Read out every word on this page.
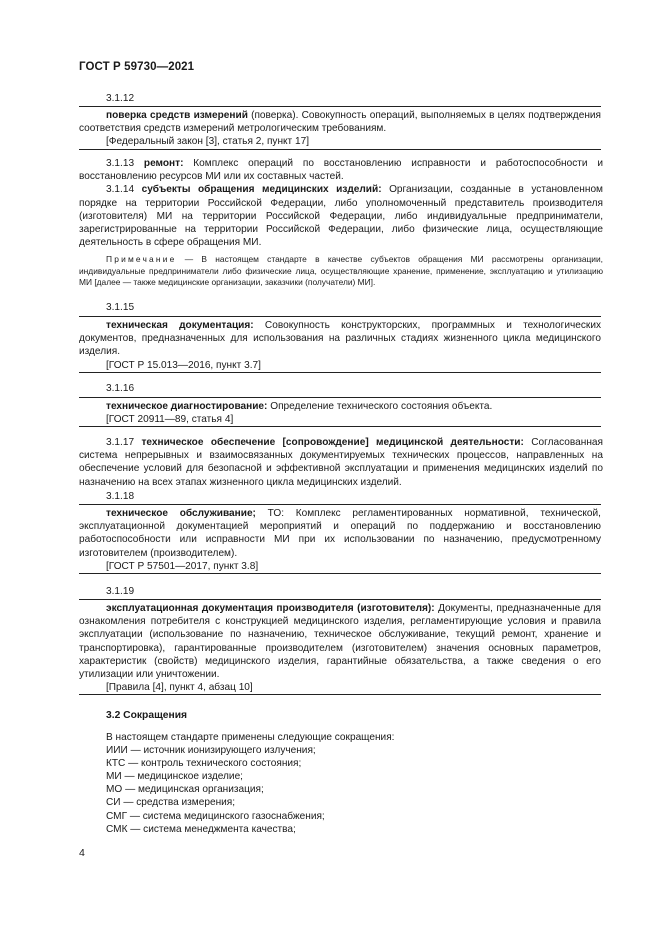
ГОСТ Р 59730—2021
3.1.12

поверка средств измерений (поверка). Совокупность операций, выполняемых в целях подтверждения соответствия средств измерений метрологическим требованиям.

[Федеральный закон [3], статья 2, пункт 17]

3.1.13 ремонт: Комплекс операций по восстановлению исправности и работоспособности и восстановлению ресурсов МИ или их составных частей.

3.1.14 субъекты обращения медицинских изделий: Организации, созданные в установленном порядке на территории Российской Федерации, либо уполномоченный представитель производителя (изготовителя) МИ на территории Российской Федерации, либо индивидуальные предприниматели, зарегистрированные на территории Российской Федерации, либо физические лица, осуществляющие деятельность в сфере обращения МИ.

Примечание — В настоящем стандарте в качестве субъектов обращения МИ рассмотрены организации, индивидуальные предприниматели либо физические лица, осуществляющие хранение, применение, эксплуатацию и утилизацию МИ [далее — также медицинские организации, заказчики (получатели) МИ].

3.1.15

техническая документация: Совокупность конструкторских, программных и технологических документов, предназначенных для использования на различных стадиях жизненного цикла медицинского изделия.

[ГОСТ Р 15.013—2016, пункт 3.7]

3.1.16

техническое диагностирование: Определение технического состояния объекта.

[ГОСТ 20911—89, статья 4]

3.1.17 техническое обеспечение [сопровождение] медицинской деятельности: Согласованная система непрерывных и взаимосвязанных документируемых технических процессов, направленных на обеспечение условий для безопасной и эффективной эксплуатации и применения медицинских изделий по назначению на всех этапах жизненного цикла медицинских изделий.

3.1.18

техническое обслуживание; ТО: Комплекс регламентированных нормативной, технической, эксплуатационной документацией мероприятий и операций по поддержанию и восстановлению работоспособности или исправности МИ при их использовании по назначению, предусмотренному изготовителем (производителем).

[ГОСТ Р 57501—2017, пункт 3.8]

3.1.19

эксплуатационная документация производителя (изготовителя): Документы, предназначенные для ознакомления потребителя с конструкцией медицинского изделия, регламентирующие условия и правила эксплуатации (использование по назначению, техническое обслуживание, текущий ремонт, хранение и транспортировка), гарантированные производителем (изготовителем) значения основных параметров, характеристик (свойств) медицинского изделия, гарантийные обязательства, а также сведения о его утилизации или уничтожении.

[Правила [4], пункт 4, абзац 10]

3.2 Сокращения
В настоящем стандарте применены следующие сокращения:
ИИИ — источник ионизирующего излучения;
КТС — контроль технического состояния;
МИ — медицинское изделие;
МО — медицинская организация;
СИ — средства измерения;
СМГ — система медицинского газоснабжения;
СМК — система менеджмента качества;
4
